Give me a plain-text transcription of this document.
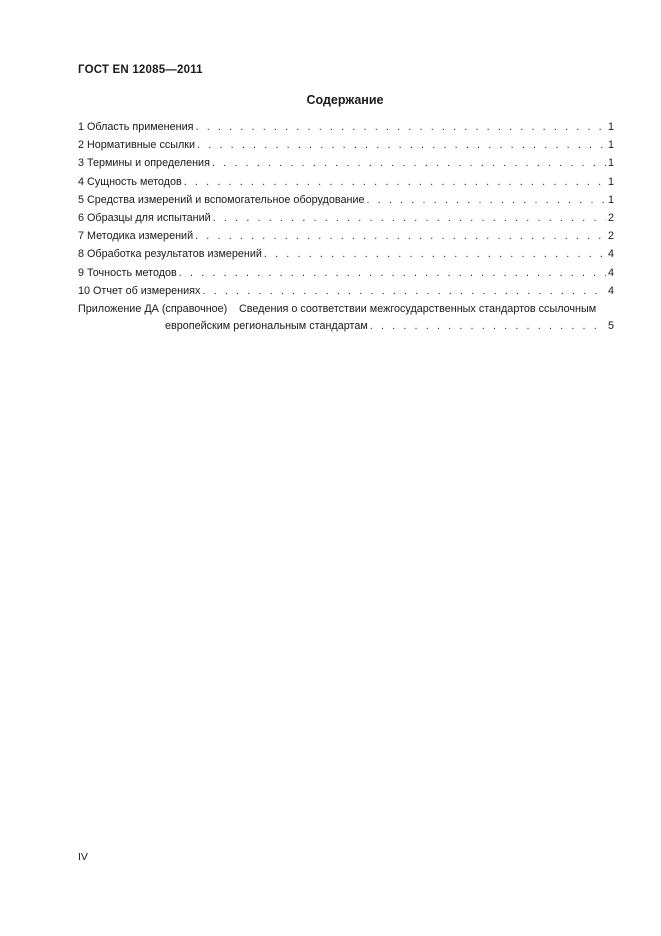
ГОСТ EN 12085—2011
Содержание
1 Область применения . . .	1
2 Нормативные ссылки . . .	1
3 Термины и определения . . .	1
4 Сущность методов . . .	1
5 Средства измерений и вспомогательное оборудование . . .	1
6 Образцы для испытаний . . .	2
7 Методика измерений . . .	2
8 Обработка результатов измерений . . .	4
9 Точность методов . . .	4
10 Отчет об измерениях . . .	4
Приложение ДА (справочное)	Сведения о соответствии межгосударственных стандартов ссылочным
европейским региональным стандартам . . .	5
IV
